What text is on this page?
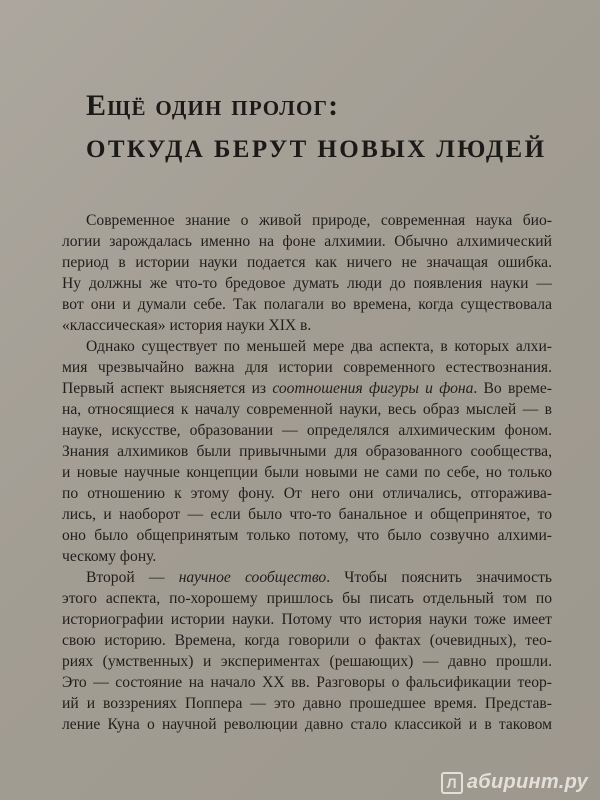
Ещё один пролог:
ОТКУДА БЕРУТ НОВЫХ ЛЮДЕЙ
Современное знание о живой природе, современная наука био-
логии зарождалась именно на фоне алхимии. Обычно алхимический
период в истории науки подается как ничего не значащая ошибка.
Ну должны же что-то бредовое думать люди до появления науки —
вот они и думали себе. Так полагали во времена, когда существовала
«классическая» история науки XIX в.
Однако существует по меньшей мере два аспекта, в которых алхи-
мия чрезвычайно важна для истории современного естествознания.
Первый аспект выясняется из соотношения фигуры и фона. Во време-
на, относящиеся к началу современной науки, весь образ мыслей — в
науке, искусстве, образовании — определялся алхимическим фоном.
Знания алхимиков были привычными для образованного сообщества,
и новые научные концепции были новыми не сами по себе, но только
по отношению к этому фону. От него они отличались, отгоражива-
лись, и наоборот — если было что-то банальное и общепринятое, то
оно было общепринятым только потому, что было созвучно алхими-
ческому фону.
Второй — научное сообщество. Чтобы пояснить значимость
этого аспекта, по-хорошему пришлось бы писать отдельный том по
историографии истории науки. Потому что история науки тоже имеет
свою историю. Времена, когда говорили о фактах (очевидных), тео-
риях (умственных) и экспериментах (решающих) — давно прошли.
Это — состояние на начало XX вв. Разговоры о фальсификации теор-
ий и воззрениях Поппера — это давно прошедшее время. Представ-
ление Куна о научной революции давно стало классикой и в таковом
Л абиринт.ру
